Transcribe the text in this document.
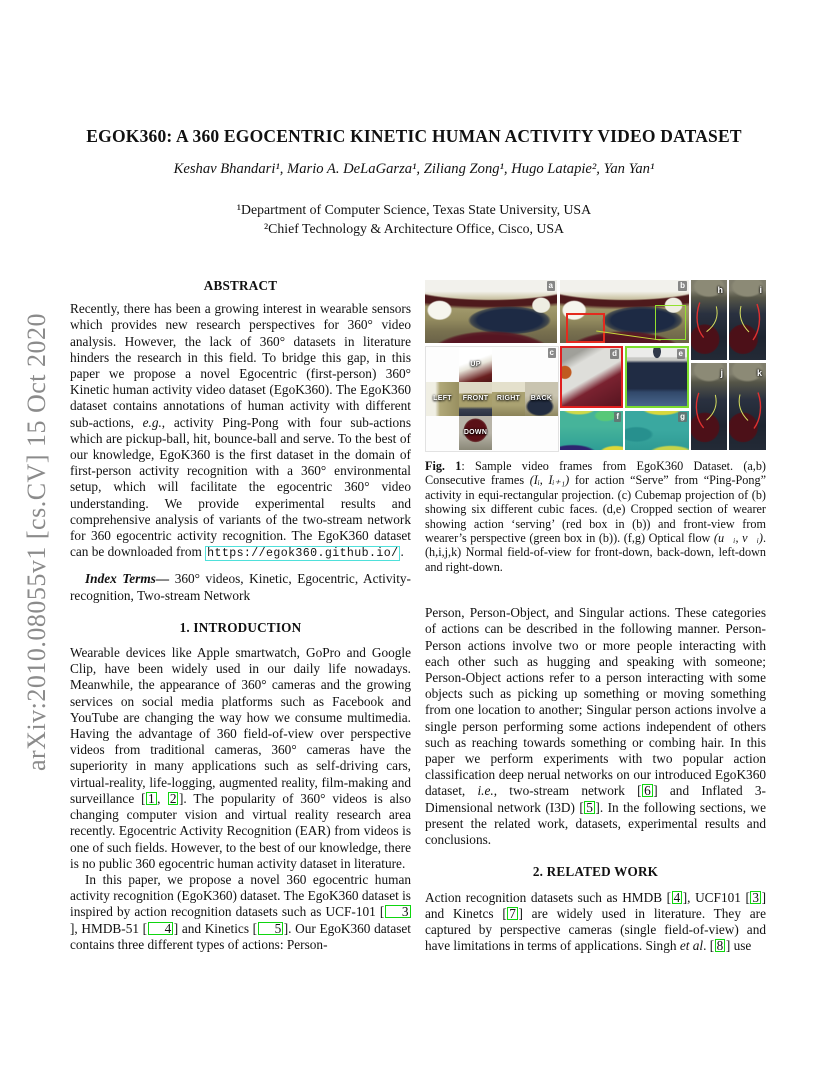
arXiv:2010.08055v1 [cs.CV] 15 Oct 2020
EGOK360: A 360 EGOCENTRIC KINETIC HUMAN ACTIVITY VIDEO DATASET
Keshav Bhandari¹, Mario A. DeLaGarza¹, Ziliang Zong¹, Hugo Latapie², Yan Yan¹
¹Department of Computer Science, Texas State University, USA
²Chief Technology & Architecture Office, Cisco, USA
ABSTRACT

Recently, there has been a growing interest in wearable sensors which provides new research perspectives for 360° video analysis. However, the lack of 360° datasets in literature hinders the research in this field. To bridge this gap, in this paper we propose a novel Egocentric (first-person) 360° Kinetic human activity video dataset (EgoK360). The EgoK360 dataset contains annotations of human activity with different sub-actions, e.g., activity Ping-Pong with four sub-actions which are pickup-ball, hit, bounce-ball and serve. To the best of our knowledge, EgoK360 is the first dataset in the domain of first-person activity recognition with a 360° environmental setup, which will facilitate the egocentric 360° video understanding. We provide experimental results and comprehensive analysis of variants of the two-stream network for 360 egocentric activity recognition. The EgoK360 dataset can be downloaded from https://egok360.github.io/ .

Index Terms— 360° videos, Kinetic, Egocentric, Activity-recognition, Two-stream Network

1. INTRODUCTION

Wearable devices like Apple smartwatch, GoPro and Google Clip, have been widely used in our daily life nowadays. Meanwhile, the appearance of 360° cameras and the growing services on social media platforms such as Facebook and YouTube are changing the way how we consume multimedia. Having the advantage of 360 field-of-view over perspective videos from traditional cameras, 360° cameras have the superiority in many applications such as self-driving cars, virtual-reality, life-logging, augmented reality, film-making and surveillance [ 1 , 2 ]. The popularity of 360° videos is also changing computer vision and virtual reality research area recently. Egocentric Activity Recognition (EAR) from videos is one of such fields. However, to the best of our knowledge, there is no public 360 egocentric human activity dataset in literature.

In this paper, we propose a novel 360 egocentric human activity recognition (EgoK360) dataset. The EgoK360 dataset is inspired by action recognition datasets such as UCF-101 [ 3], HMDB-51 [ 4 ] and Kinetics [ 5 ]. Our EgoK360 dataset contains three different types of actions: Person-

a	b
c
UP
LEFT FRONT RIGHT BACK
DOWN
d	e
f	g
h	i
j	k

Fig. 1: Sample video frames from EgoK360 Dataset. (a,b) Consecutive frames (Iᵢ, Iᵢ₊₁) for action “Serve” from “Ping-Pong” activity in equi-rectangular projection. (c) Cubemap projection of (b) showing six different cubic faces. (d,e) Cropped section of wearer showing action ‘serving’ (red box in (b)) and front-view from wearer’s perspective (green box in (b)). (f,g) Optical flow (u⃗ᵢ, v⃗ᵢ). (h,i,j,k) Normal field-of-view for front-down, back-down, left-down and right-down.

Person, Person-Object, and Singular actions. These categories of actions can be described in the following manner. Person-Person actions involve two or more people interacting with each other such as hugging and speaking with someone; Person-Object actions refer to a person interacting with some objects such as picking up something or moving something from one location to another; Singular person actions involve a single person performing some actions independent of others such as reaching towards something or combing hair. In this paper we perform experiments with two popular action classification deep nerual networks on our introduced EgoK360 dataset, i.e., two-stream network [ 6 ] and Inflated 3-Dimensional network (I3D) [ 5 ]. In the following sections, we present the related work, datasets, experimental results and conclusions.

2. RELATED WORK

Action recognition datasets such as HMDB [ 4 ], UCF101 [ 3 ] and Kinetcs [ 7 ] are widely used in literature. They are captured by perspective cameras (single field-of-view) and have limitations in terms of applications. Singh et al. [ 8 ] use
